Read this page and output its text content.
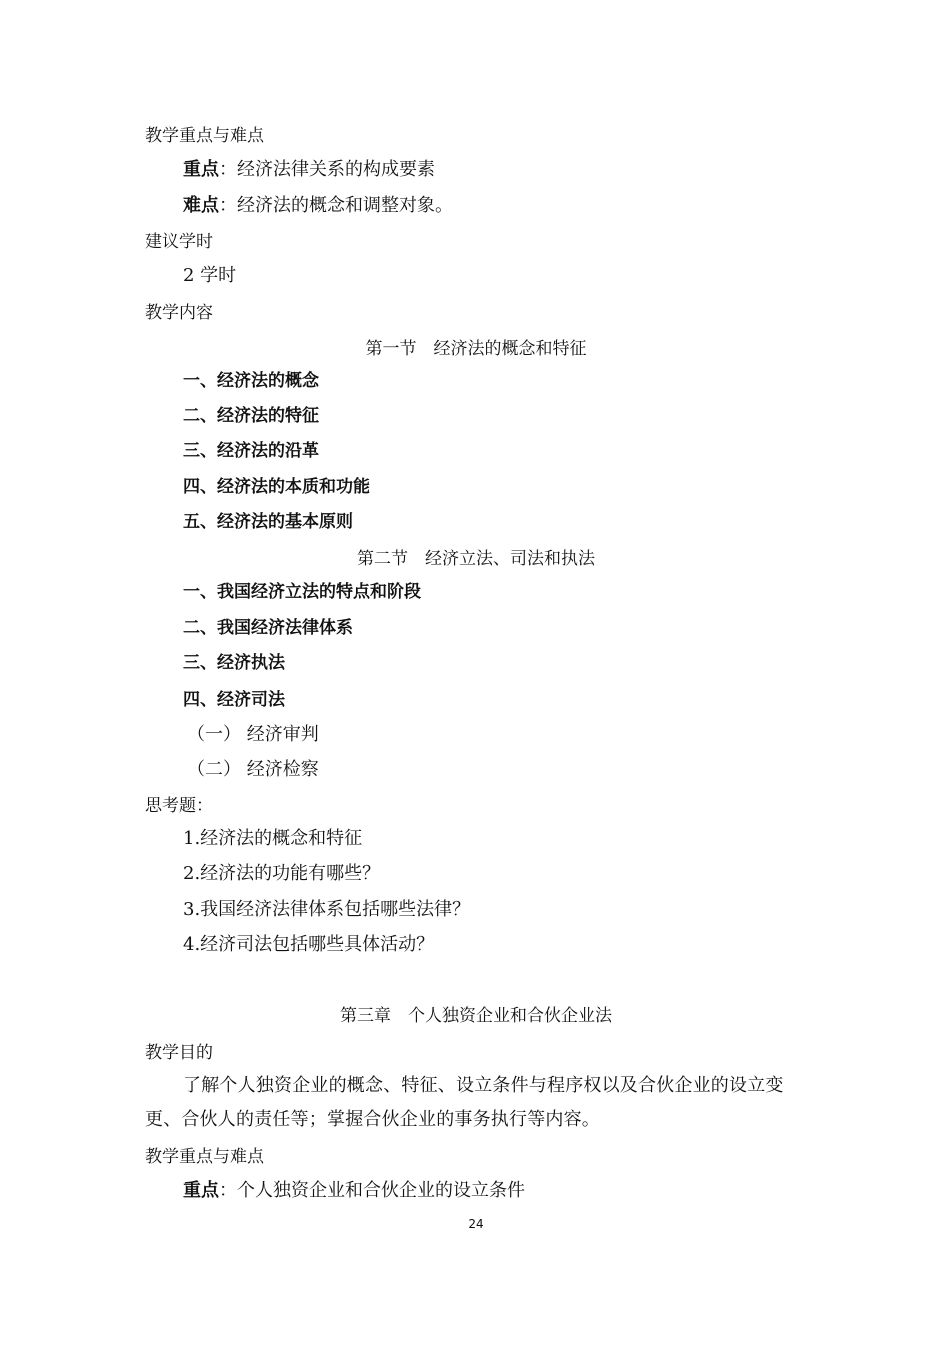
教学重点与难点
重点：经济法律关系的构成要素
难点：经济法的概念和调整对象。
建议学时
2 学时
教学内容
第一节　经济法的概念和特征
一、经济法的概念
二、经济法的特征
三、经济法的沿革
四、经济法的本质和功能
五、经济法的基本原则
第二节　经济立法、司法和执法
一、我国经济立法的特点和阶段
二、我国经济法律体系
三、经济执法
四、经济司法
（一） 经济审判
（二） 经济检察
思考题：
1.经济法的概念和特征
2.经济法的功能有哪些？
3.我国经济法律体系包括哪些法律？
4.经济司法包括哪些具体活动？
第三章　个人独资企业和合伙企业法
教学目的
了解个人独资企业的概念、特征、设立条件与程序权以及合伙企业的设立变更、合伙人的责任等；掌握合伙企业的事务执行等内容。
教学重点与难点
重点：个人独资企业和合伙企业的设立条件
24
